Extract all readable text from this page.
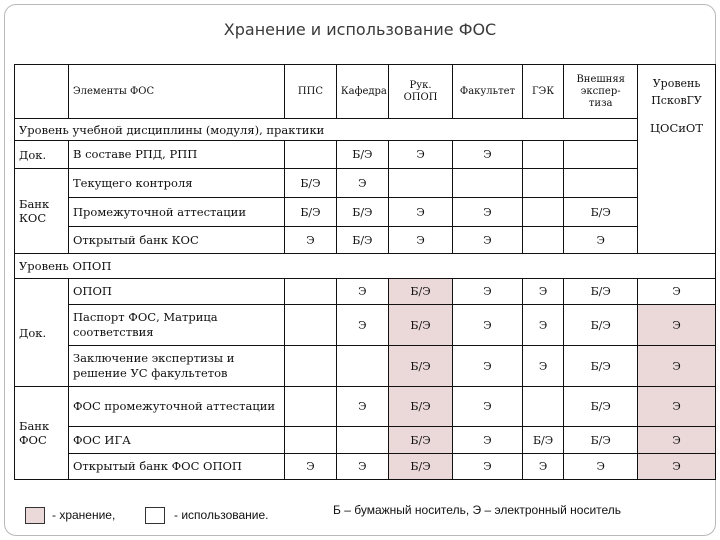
Хранение и использование ФОС
	Элементы ФОС	ППС	Кафедра	Рук. ОПОП	Факультет	ГЭК	Внешняя экспер- тиза	Уровень ПсковГУ
Уровень учебной дисциплины (модуля), практики								ЦОСиОТ
Док.	В составе РПД, РПП		Б/Э	Э	Э			
Банк КОС	Текущего контроля	Б/Э	Э					
	Промежуточной аттестации	Б/Э	Б/Э	Э	Э		Б/Э	
	Открытый банк КОС	Э	Б/Э	Э	Э		Э	
Уровень ОПОП								
Док.	ОПОП		Э	Б/Э	Э	Э	Б/Э	Э
	Паспорт ФОС, Матрица соответствия		Э	Б/Э	Э	Э	Б/Э	Э
	Заключение экспертизы и решение УС факультетов			Б/Э	Э	Э	Б/Э	Э
Банк ФОС	ФОС промежуточной аттестации		Э	Б/Э	Э		Б/Э	Э
	ФОС ИГА			Б/Э	Э	Б/Э	Б/Э	Э
	Открытый банк ФОС ОПОП	Э	Э	Б/Э	Э	Э	Э	Э
- хранение,	- использование.	Б – бумажный носитель, Э – электронный носитель
